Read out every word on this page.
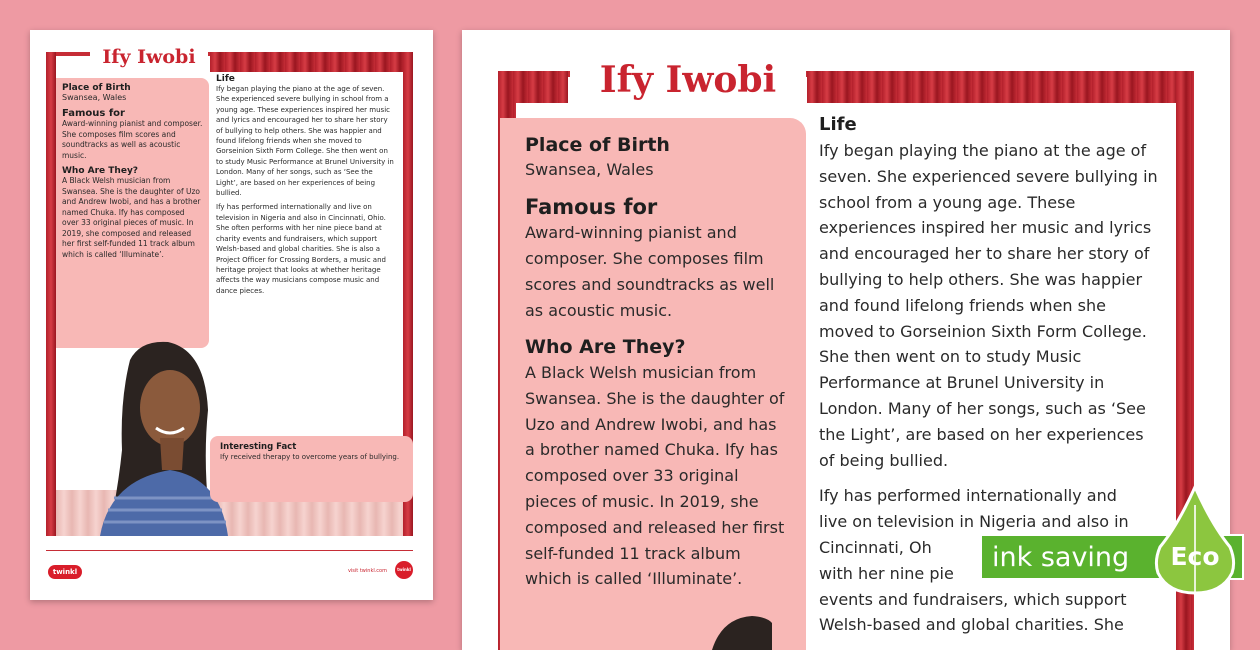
Ify Iwobi
Place of Birth
Swansea, Wales
Famous for
Award-winning pianist and composer. She composes film scores and soundtracks as well as acoustic music.
Who Are They?
A Black Welsh musician from Swansea. She is the daughter of Uzo and Andrew Iwobi, and has a brother named Chuka. Ify has composed over 33 original pieces of music. In 2019, she composed and released her first self-funded 11 track album which is called ‘Illuminate’.
Life
Ify began playing the piano at the age of seven. She experienced severe bullying in school from a young age. These experiences inspired her music and lyrics and encouraged her to share her story of bullying to help others. She was happier and found lifelong friends when she moved to Gorseinion Sixth Form College. She then went on to study Music Performance at Brunel University in London. Many of her songs, such as ‘See the Light’, are based on her experiences of being bullied.
Ify has performed internationally and live on television in Nigeria and also in Cincinnati, Ohio. She often performs with her nine piece band at charity events and fundraisers, which support Welsh-based and global charities. She is also a Project Officer for Crossing Borders, a music and heritage project that looks at whether heritage affects the way musicians compose music and dance pieces.
Interesting Fact
Ify received therapy to overcome years of bullying.
twinkl	visit twinkl.com	twinkl
Ify Iwobi
Place of Birth
Swansea, Wales
Famous for
Award-winning pianist and composer. She composes film scores and soundtracks as well as acoustic music.
Who Are They?
A Black Welsh musician from Swansea. She is the daughter of Uzo and Andrew Iwobi, and has a brother named Chuka. Ify has composed over 33 original pieces of music. In 2019, she composed and released her first self-funded 11 track album which is called ‘Illuminate’.
Life
Ify began playing the piano at the age of seven. She experienced severe bullying in school from a young age. These experiences inspired her music and lyrics and encouraged her to share her story of bullying to help others. She was happier and found lifelong friends when she moved to Gorseinion Sixth Form College. She then went on to study Music Performance at Brunel University in London. Many of her songs, such as ‘See the Light’, are based on her experiences of being bullied.
Ify has performed internationally and live on television in Nigeria and also in Cincinnati, Oh
with her nine pie
events and fundraisers, which support
Welsh-based and global charities. She
ink saving Eco
